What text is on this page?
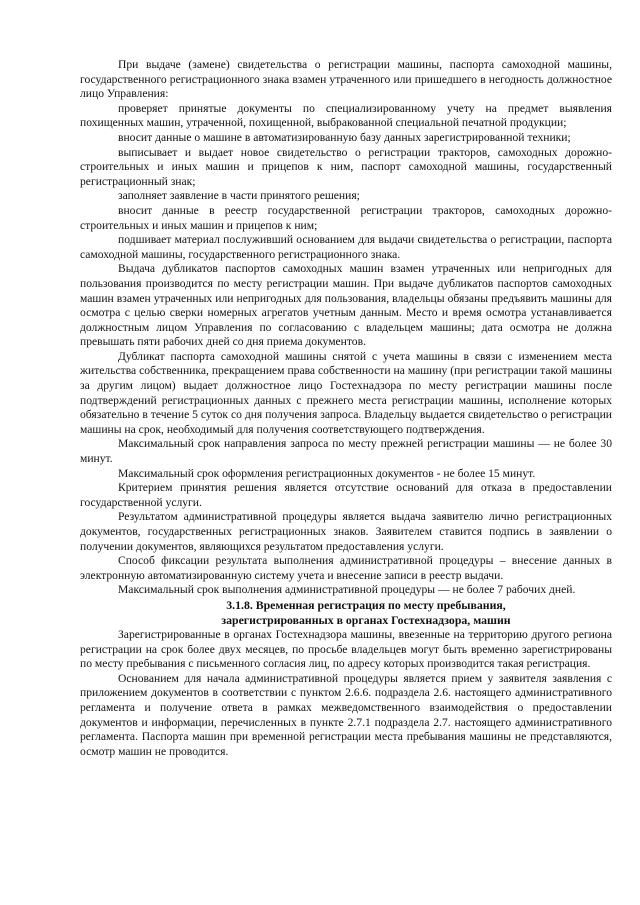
При выдаче (замене) свидетельства о регистрации машины, паспорта самоходной машины, государственного регистрационного знака взамен утраченного или пришедшего в негодность должностное лицо Управления:

проверяет принятые документы по специализированному учету на предмет выявления похищенных машин, утраченной, похищенной, выбракованной специальной печатной продукции;

вносит данные о машине в автоматизированную базу данных зарегистрированной техники;

выписывает и выдает новое свидетельство о регистрации тракторов, самоходных дорожно-строительных и иных машин и прицепов к ним, паспорт самоходной машины, государственный регистрационный знак;

заполняет заявление в части принятого решения;

вносит данные в реестр государственной регистрации тракторов, самоходных дорожно-строительных и иных машин и прицепов к ним;

подшивает материал послуживший основанием для выдачи свидетельства о регистрации, паспорта самоходной машины, государственного регистрационного знака.

Выдача дубликатов паспортов самоходных машин взамен утраченных или непригодных для пользования производится по месту регистрации машин. При выдаче дубликатов паспортов самоходных машин взамен утраченных или непригодных для пользования, владельцы обязаны предъявить машины для осмотра с целью сверки номерных агрегатов учетным данным. Место и время осмотра устанавливается должностным лицом Управления по согласованию с владельцем машины; дата осмотра не должна превышать пяти рабочих дней со дня приема документов.

Дубликат паспорта самоходной машины снятой с учета машины в связи с изменением места жительства собственника, прекращением права собственности на машину (при регистрации такой машины за другим лицом) выдает должностное лицо Гостехнадзора по месту регистрации машины после подтверждений регистрационных данных с прежнего места регистрации машины, исполнение которых обязательно в течение 5 суток со дня получения запроса. Владельцу выдается свидетельство о регистрации машины на срок, необходимый для получения соответствующего подтверждения.

Максимальный срок направления запроса по месту прежней регистрации машины — не более 30 минут.

Максимальный срок оформления регистрационных документов - не более 15 минут.

Критерием принятия решения является отсутствие оснований для отказа в предоставлении государственной услуги.

Результатом административной процедуры является выдача заявителю лично регистрационных документов, государственных регистрационных знаков. Заявителем ставится подпись в заявлении о получении документов, являющихся результатом предоставления услуги.

Способ фиксации результата выполнения административной процедуры – внесение данных в электронную автоматизированную систему учета и внесение записи в реестр выдачи.

Максимальный срок выполнения административной процедуры — не более 7 рабочих дней.

3.1.8. Временная регистрация по месту пребывания,

зарегистрированных в органах Гостехнадзора, машин

Зарегистрированные в органах Гостехнадзора машины, ввезенные на территорию другого региона регистрации на срок более двух месяцев, по просьбе владельцев могут быть временно зарегистрированы по месту пребывания с письменного согласия лиц, по адресу которых производится такая регистрация.

Основанием для начала административной процедуры является прием у заявителя заявления с приложением документов в соответствии с пунктом 2.6.6. подраздела 2.6. настоящего административного регламента и получение ответа в рамках межведомственного взаимодействия о предоставлении документов и информации, перечисленных в пункте 2.7.1 подраздела 2.7. настоящего административного регламента. Паспорта машин при временной регистрации места пребывания машины не представляются, осмотр машин не проводится.
